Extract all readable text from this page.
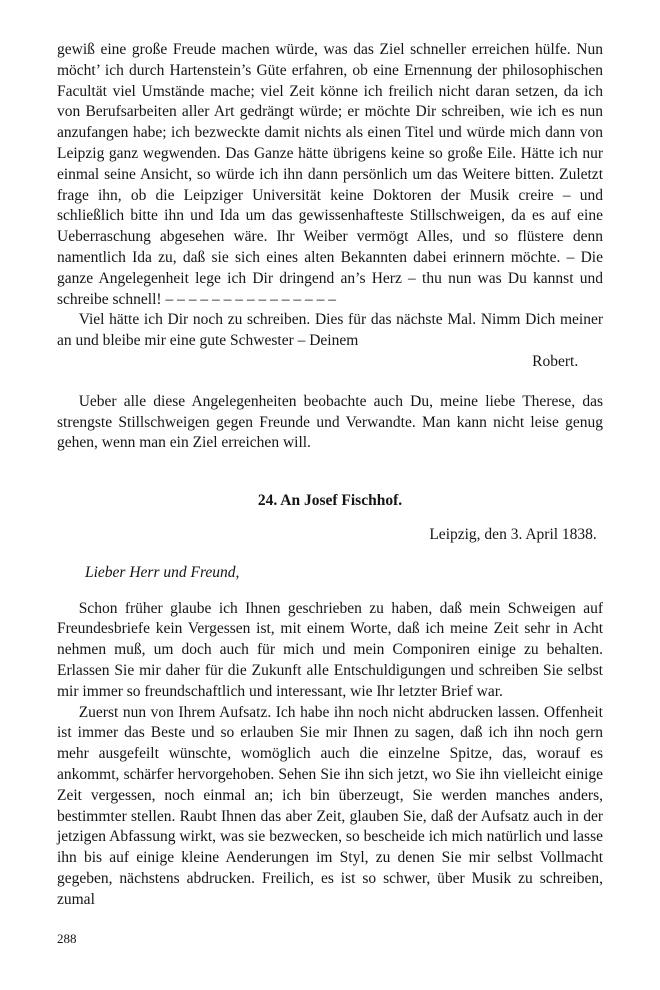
gewiß eine große Freude machen würde, was das Ziel schneller erreichen hülfe. Nun möcht’ ich durch Hartenstein’s Güte erfahren, ob eine Ernennung der philosophischen Facultät viel Umstände mache; viel Zeit könne ich freilich nicht daran setzen, da ich von Berufsarbeiten aller Art gedrängt würde; er möchte Dir schreiben, wie ich es nun anzufangen habe; ich bezweckte damit nichts als einen Titel und würde mich dann von Leipzig ganz wegwenden. Das Ganze hätte übrigens keine so große Eile. Hätte ich nur einmal seine Ansicht, so würde ich ihn dann persönlich um das Weitere bitten. Zuletzt frage ihn, ob die Leipziger Universität keine Doktoren der Musik creire – und schließlich bitte ihn und Ida um das gewissenhafteste Stillschweigen, da es auf eine Ueberraschung abgesehen wäre. Ihr Weiber vermögt Alles, und so flüstere denn namentlich Ida zu, daß sie sich eines alten Bekannten dabei erinnern möchte. – Die ganze Angelegenheit lege ich Dir dringend an’s Herz – thu nun was Du kannst und schreibe schnell! – – – – – – – – – – – – – – –

Viel hätte ich Dir noch zu schreiben. Dies für das nächste Mal. Nimm Dich meiner an und bleibe mir eine gute Schwester – Deinem

Robert.

Ueber alle diese Angelegenheiten beobachte auch Du, meine liebe Therese, das strengste Stillschweigen gegen Freunde und Verwandte. Man kann nicht leise genug gehen, wenn man ein Ziel erreichen will.

24. An Josef Fischhof.

Leipzig, den 3. April 1838.

Lieber Herr und Freund,

Schon früher glaube ich Ihnen geschrieben zu haben, daß mein Schweigen auf Freundesbriefe kein Vergessen ist, mit einem Worte, daß ich meine Zeit sehr in Acht nehmen muß, um doch auch für mich und mein Componiren einige zu behalten. Erlassen Sie mir daher für die Zukunft alle Entschuldigungen und schreiben Sie selbst mir immer so freundschaftlich und interessant, wie Ihr letzter Brief war.

Zuerst nun von Ihrem Aufsatz. Ich habe ihn noch nicht abdrucken lassen. Offenheit ist immer das Beste und so erlauben Sie mir Ihnen zu sagen, daß ich ihn noch gern mehr ausgefeilt wünschte, womöglich auch die einzelne Spitze, das, worauf es ankommt, schärfer hervorgehoben. Sehen Sie ihn sich jetzt, wo Sie ihn vielleicht einige Zeit vergessen, noch einmal an; ich bin überzeugt, Sie werden manches anders, bestimmter stellen. Raubt Ihnen das aber Zeit, glauben Sie, daß der Aufsatz auch in der jetzigen Abfassung wirkt, was sie bezwecken, so bescheide ich mich natürlich und lasse ihn bis auf einige kleine Aenderungen im Styl, zu denen Sie mir selbst Vollmacht gegeben, nächstens abdrucken. Freilich, es ist so schwer, über Musik zu schreiben, zumal

288
